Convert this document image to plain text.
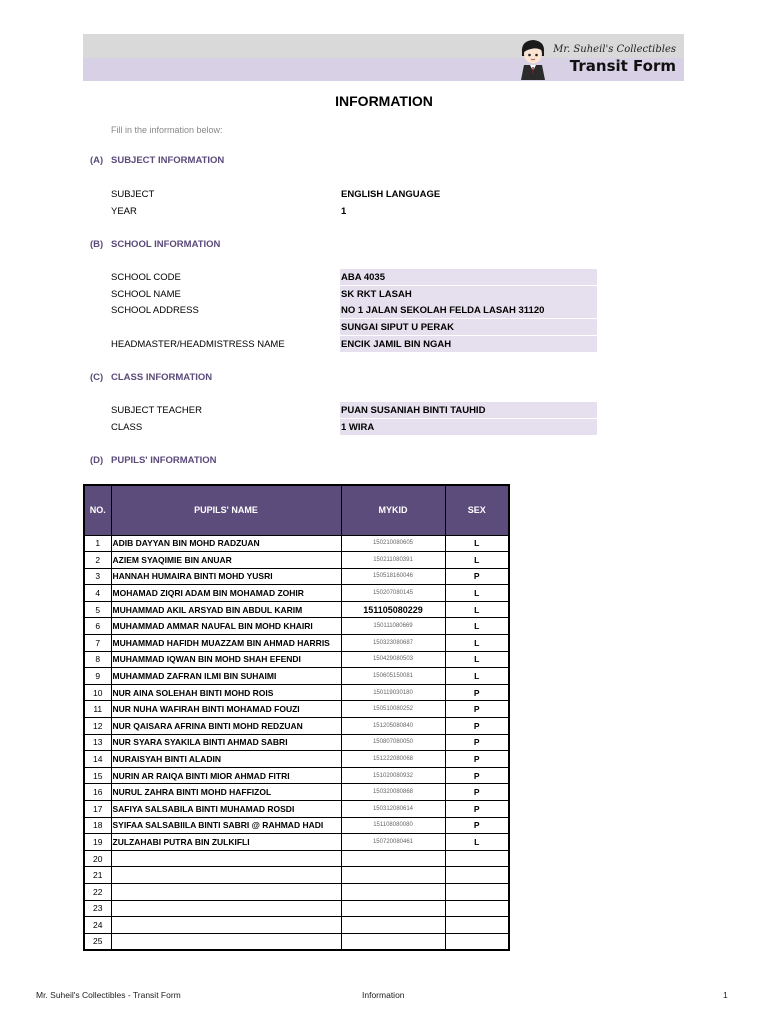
Mr. Suheil's Collectibles
Transit Form
INFORMATION
Fill in the information below:
(A) SUBJECT INFORMATION
SUBJECT	ENGLISH LANGUAGE
YEAR	1
(B) SCHOOL INFORMATION
SCHOOL CODE	ABA 4035
SCHOOL NAME	SK RKT LASAH
SCHOOL ADDRESS	NO 1 JALAN SEKOLAH FELDA LASAH 31120
SUNGAI SIPUT U PERAK
HEADMASTER/HEADMISTRESS NAME	ENCIK JAMIL BIN NGAH
(C) CLASS INFORMATION
SUBJECT TEACHER	PUAN SUSANIAH BINTI TAUHID
CLASS	1 WIRA
(D) PUPILS' INFORMATION
NO.	PUPILS' NAME	MYKID	SEX
1	ADIB DAYYAN BIN MOHD RADZUAN	150210080605	L
2	AZIEM SYAQIMIE BIN ANUAR	150211080391	L
3	HANNAH HUMAIRA BINTI MOHD YUSRI	150518160046	P
4	MOHAMAD ZIQRI ADAM BIN MOHAMAD ZOHIR	150207080145	L
5	MUHAMMAD AKIL ARSYAD BIN ABDUL KARIM	151105080229	L
6	MUHAMMAD AMMAR NAUFAL BIN MOHD KHAIRI	150111080669	L
7	MUHAMMAD HAFIDH MUAZZAM BIN AHMAD HARRIS	150323080687	L
8	MUHAMMAD IQWAN BIN MOHD SHAH EFENDI	150429080503	L
9	MUHAMMAD ZAFRAN ILMI BIN SUHAIMI	150605150081	L
10	NUR AINA SOLEHAH BINTI MOHD ROIS	150119030180	P
11	NUR NUHA WAFIRAH BINTI MOHAMAD FOUZI	150510080252	P
12	NUR QAISARA AFRINA BINTI MOHD REDZUAN	151205080840	P
13	NUR SYARA SYAKILA BINTI AHMAD SABRI	150807080050	P
14	NURAISYAH BINTI ALADIN	151222080068	P
15	NURIN AR RAIQA BINTI MIOR AHMAD FITRI	151020080932	P
16	NURUL ZAHRA BINTI MOHD HAFFIZOL	150320080868	P
17	SAFIYA SALSABILA BINTI MUHAMAD ROSDI	150312080614	P
18	SYIFAA SALSABIILA BINTI SABRI @ RAHMAD HADI	151108080080	P
19	ZULZAHABI PUTRA BIN ZULKIFLI	150720080461	L
20			
21			
22			
23			
24			
25			
Mr. Suheil's Collectibles - Transit Form	Information	1
